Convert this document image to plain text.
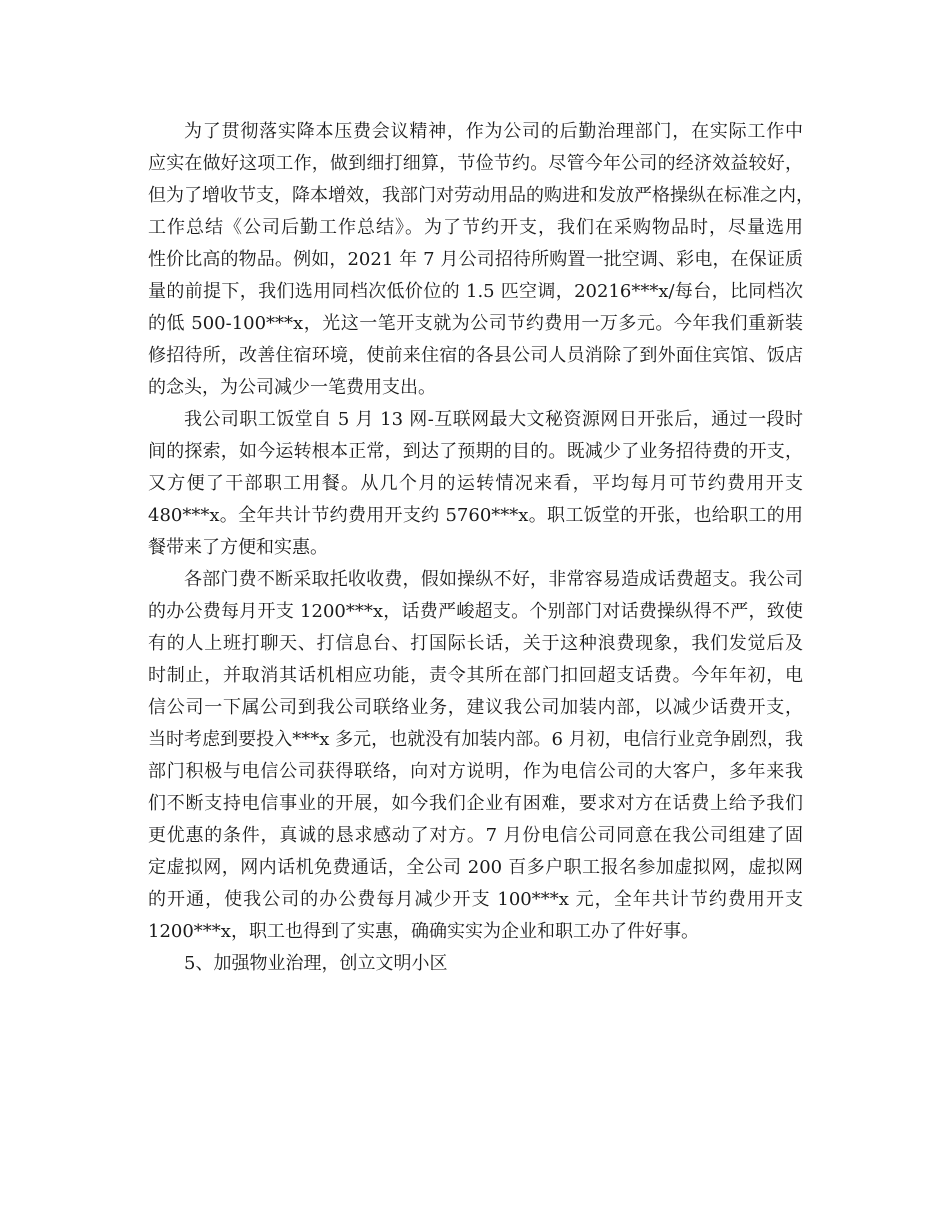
为了贯彻落实降本压费会议精神，作为公司的后勤治理部门，在实际工作中
应实在做好这项工作，做到细打细算，节俭节约。尽管今年公司的经济效益较好，
但为了增收节支，降本增效，我部门对劳动用品的购进和发放严格操纵在标准之内，
工作总结《公司后勤工作总结》。为了节约开支，我们在采购物品时，尽量选用
性价比高的物品。例如，2021 年 7 月公司招待所购置一批空调、彩电，在保证质
量的前提下，我们选用同档次低价位的 1.5 匹空调，20216***x/每台，比同档次
的低 500-100***x，光这一笔开支就为公司节约费用一万多元。今年我们重新装
修招待所，改善住宿环境，使前来住宿的各县公司人员消除了到外面住宾馆、饭店
的念头，为公司减少一笔费用支出。
我公司职工饭堂自 5 月 13 网-互联网最大文秘资源网日开张后，通过一段时
间的探索，如今运转根本正常，到达了预期的目的。既减少了业务招待费的开支，
又方便了干部职工用餐。从几个月的运转情况来看，平均每月可节约费用开支
480***x。全年共计节约费用开支约 5760***x。职工饭堂的开张，也给职工的用
餐带来了方便和实惠。
各部门费不断采取托收收费，假如操纵不好，非常容易造成话费超支。我公司
的办公费每月开支 1200***x，话费严峻超支。个别部门对话费操纵得不严，致使
有的人上班打聊天、打信息台、打国际长话，关于这种浪费现象，我们发觉后及
时制止，并取消其话机相应功能，责令其所在部门扣回超支话费。今年年初，电
信公司一下属公司到我公司联络业务，建议我公司加装内部，以减少话费开支，
当时考虑到要投入***x 多元，也就没有加装内部。6 月初，电信行业竞争剧烈，我
部门积极与电信公司获得联络，向对方说明，作为电信公司的大客户，多年来我
们不断支持电信事业的开展，如今我们企业有困难，要求对方在话费上给予我们
更优惠的条件，真诚的恳求感动了对方。7 月份电信公司同意在我公司组建了固
定虚拟网，网内话机免费通话，全公司 200 百多户职工报名参加虚拟网，虚拟网
的开通，使我公司的办公费每月减少开支 100***x 元，全年共计节约费用开支
1200***x，职工也得到了实惠，确确实实为企业和职工办了件好事。
5、加强物业治理，创立文明小区
